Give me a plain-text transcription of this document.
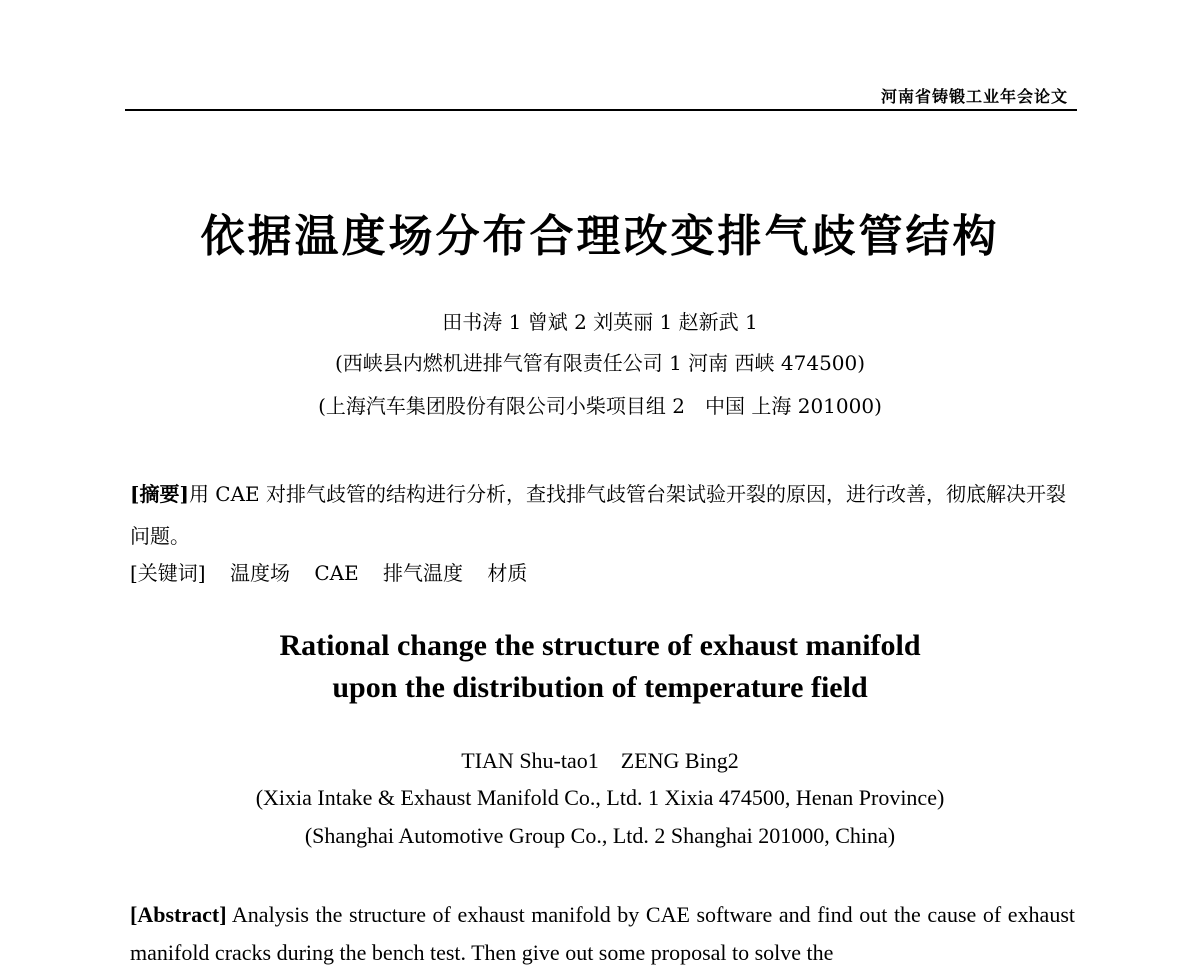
河南省铸锻工业年会论文
依据温度场分布合理改变排气歧管结构
田书涛 1 曾斌 2 刘英丽 1 赵新武 1
(西峡县内燃机进排气管有限责任公司 1 河南 西峡 474500)
(上海汽车集团股份有限公司小柴项目组 2　中国 上海 201000)
[摘要]用 CAE 对排气歧管的结构进行分析，查找排气歧管台架试验开裂的原因，进行改善，彻底解决开裂问题。
[关键词] 温度场 CAE 排气温度 材质
Rational change the structure of exhaust manifold
upon the distribution of temperature field
TIAN Shu-tao1 ZENG Bing2
(Xixia Intake & Exhaust Manifold Co., Ltd. 1 Xixia 474500, Henan Province)
(Shanghai Automotive Group Co., Ltd. 2 Shanghai 201000, China)
[Abstract] Analysis the structure of exhaust manifold by CAE software and find out the cause of exhaust manifold cracks during the bench test. Then give out some proposal to solve the
